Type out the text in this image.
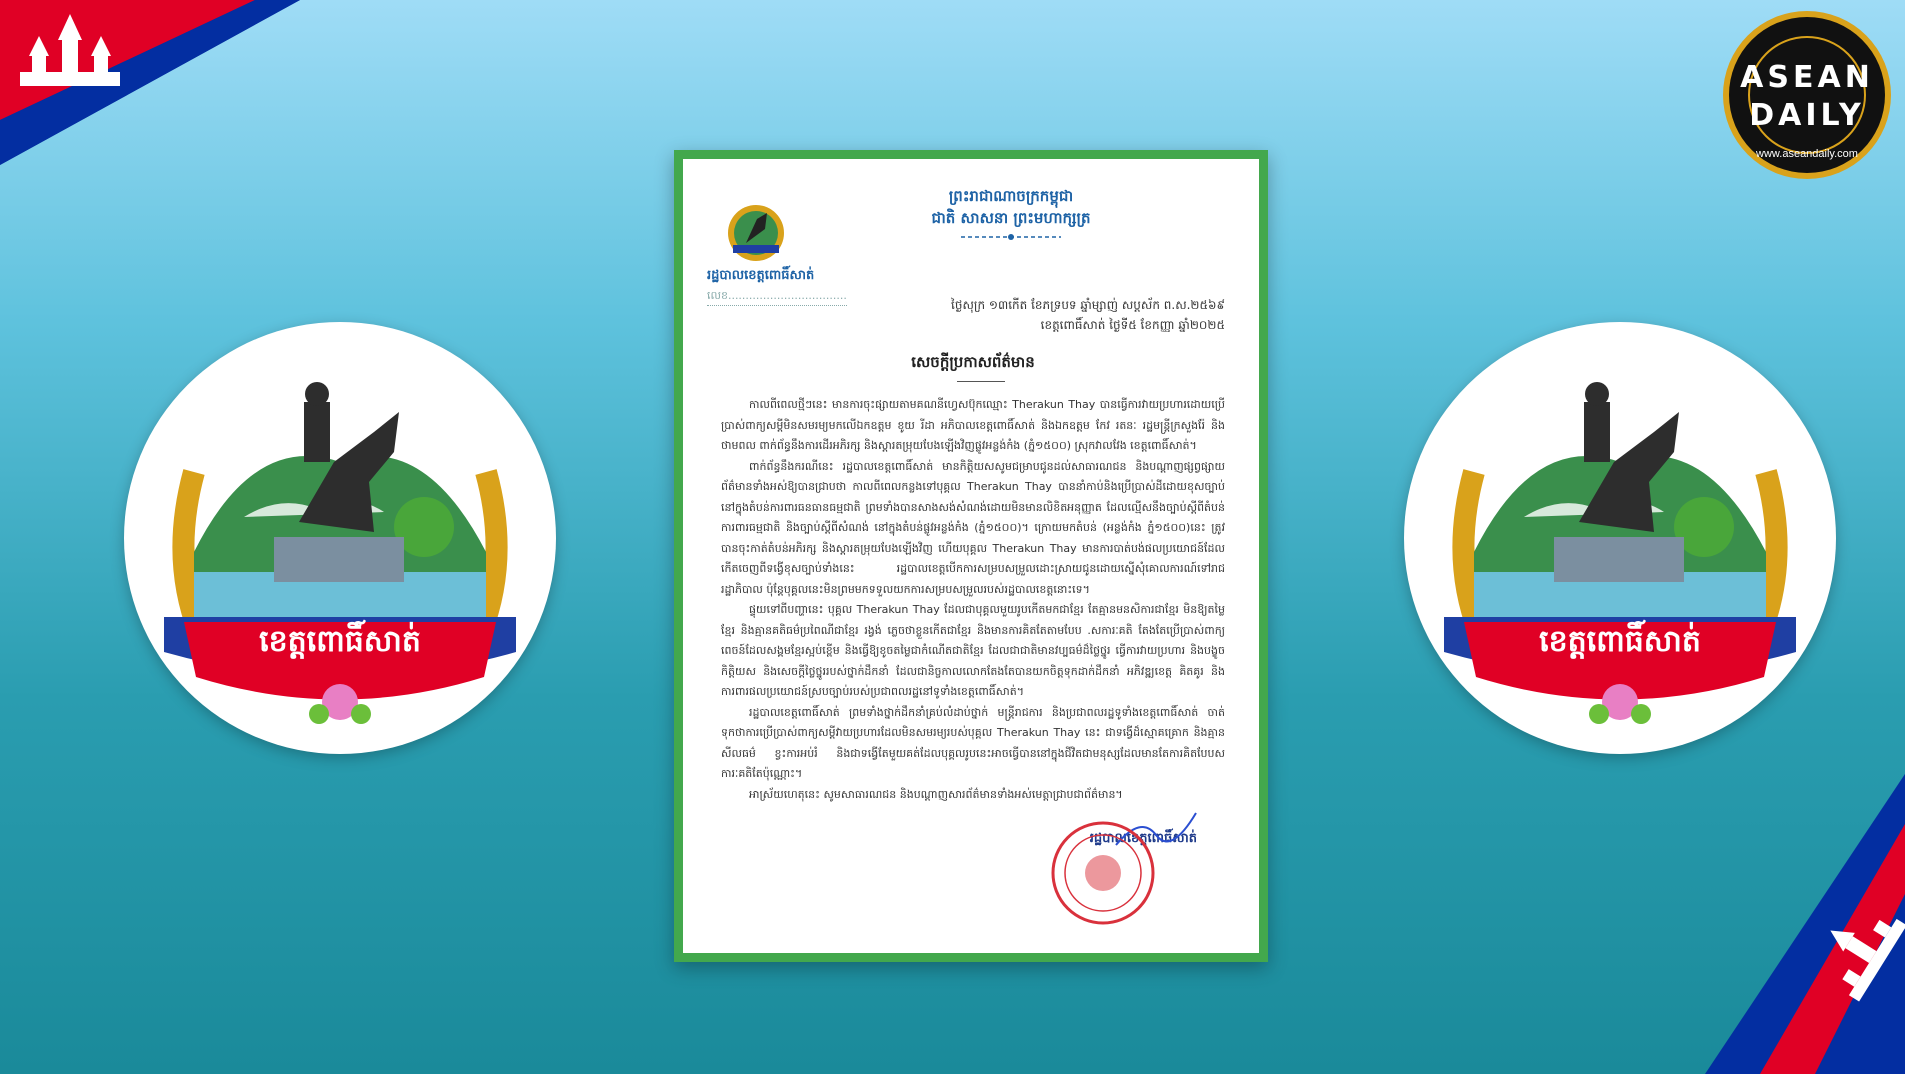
ខេត្តពោធិ៍សាត់	ខេត្តពោធិ៍សាត់
ASEAN
DAILY
www.aseandaily.com
រដ្ឋបាលខេត្តពោធិ៍សាត់
លេខ..................................
ព្រះរាជាណាចក្រកម្ពុជា
ជាតិ សាសនា ព្រះមហាក្សត្រ
ថ្ងៃសុក្រ ១៣កើត ខែភទ្របទ ឆ្នាំម្សាញ់ សប្តស័ក ព.ស.២៥៦៩
ខេត្តពោធិ៍សាត់ ថ្ងៃទី៥ ខែកញ្ញា ឆ្នាំ២០២៥
សេចក្តីប្រកាសព័ត៌មាន

កាលពីពេលថ្មីៗនេះ មានការចុះផ្សាយតាមគណនីហ្វេសប៊ុកឈ្មោះ Therakun Thay បានធ្វើការវាយប្រហារដោយប្រើប្រាស់ពាក្យសម្តីមិនសមរម្យមកលើឯកឧត្តម ខូយ រីដា អភិបាលខេត្តពោធិ៍សាត់ និងឯកឧត្តម កែវ រតនៈ រដ្ឋមន្ត្រីក្រសួងរ៉ែ និងថាមពល ពាក់ព័ន្ធនឹងការដើរអភិរក្ស និងស្តារតម្រុយបែងឡើងវិញផ្លូវអន្លង់កំង (ភ្នំ១៥០០) ស្រុកវាលវែង ខេត្តពោធិ៍សាត់។

ពាក់ព័ន្ធនឹងករណីនេះ រដ្ឋបាលខេត្តពោធិ៍សាត់ មានកិត្តិយសសូមជម្រាបជូនដល់សាធារណជន និងបណ្តាញផ្សព្វផ្សាយព័ត៌មានទាំងអស់ឱ្យបានជ្រាបថា កាលពីពេលកន្លងទៅបុគ្គល Therakun Thay បាននាំកាប់និងប្រើប្រាស់ដីដោយខុសច្បាប់នៅក្នុងតំបន់ការពារធនធានធម្មជាតិ ព្រមទាំងបានសាងសង់សំណង់ដោយមិនមានលិខិតអនុញ្ញាត ដែលល្មើសនឹងច្បាប់ស្តីពីតំបន់ការពារធម្មជាតិ និងច្បាប់ស្តីពីសំណង់ នៅក្នុងតំបន់ផ្លូវអន្លង់កំង (ភ្នំ១៥០០)។ ក្រោយមកតំបន់ (អន្លង់កំង ភ្នំ១៥០០)នេះ ត្រូវបានចុះកាត់តំបន់អភិរក្ស និងស្តារតម្រុយបែងឡើងវិញ ហើយបុគ្គល Therakun Thay មានការបាត់បង់ផលប្រយោជន៍ដែលកើតចេញពីទង្វើខុសច្បាប់ទាំងនេះ រដ្ឋបាលខេត្តបើកការសម្របសម្រួលដោះស្រាយជូនដោយស្នើសុំគោលការណ៍ទៅរាជរដ្ឋាភិបាល ប៉ុន្តែបុគ្គលនេះមិនព្រមមកទទួលយកការសម្របសម្រួលរបស់រដ្ឋបាលខេត្តនោះទេ។

ផ្ទុយទៅពីបញ្ហានេះ បុគ្គល Therakun Thay ដែលជាបុគ្គលមួយរូបកើតមកជាខ្មែរ តែគ្មានមនសិការជាខ្មែរ មិនឱ្យតម្លៃខ្មែរ និងគ្មានគតិធម៌ប្រពៃណីជាខ្មែរ រង្វង់ ភ្លេចថាខ្លួនកើតជាខ្មែរ និងមានការគិតតែតាមបែប .សការៈគតិ តែងតែប្រើប្រាស់ពាក្យពេចន៍ដែលសង្គមខ្មែរស្អប់ខ្ពើម និងធ្វើឱ្យខូចតម្លៃជាកំណើតជាតិខ្មែរ ដែលជាជាតិមានវប្បធម៌ដ៏ថ្លៃថ្នូរ ធ្វើការវាយប្រហារ និងបង្ខូចកិត្តិយស និងសេចក្តីថ្លៃថ្នូររបស់ថ្នាក់ដឹកនាំ ដែលជានិច្ចកាលលោកតែងតែបានយកចិត្តទុកដាក់ដឹកនាំ អភិវឌ្ឍខេត្ត គិតគូរ និងការពារផលប្រយោជន៍ស្របច្បាប់របស់ប្រជាពលរដ្ឋនៅទូទាំងខេត្តពោធិ៍សាត់។

រដ្ឋបាលខេត្តពោធិ៍សាត់ ព្រមទាំងថ្នាក់ដឹកនាំគ្រប់លំដាប់ថ្នាក់ មន្ត្រីរាជការ និងប្រជាពលរដ្ឋទូទាំងខេត្តពោធិ៍សាត់ ចាត់ទុកថាការប្រើប្រាស់ពាក្យសម្តីវាយប្រហារដែលមិនសមរម្យរបស់បុគ្គល Therakun Thay នេះ ជាទង្វើដ៏ស្មោគគ្រោក និងគ្មានសីលធម៌ ខ្វះការអប់រំ និងជាទង្វើតែមួយគត់ដែលបុគ្គលរូបនេះអាចធ្វើបាននៅក្នុងជីវិតជាមនុស្សដែលមានតែការគិតបែបសការៈគតិតែប៉ុណ្ណោះ។

អាស្រ័យហេតុនេះ សូមសាធារណជន និងបណ្តាញសារព័ត៌មានទាំងអស់មេត្តាជ្រាបជាព័ត៌មាន។

រដ្ឋបាលខេត្តពោធិ៍សាត់
